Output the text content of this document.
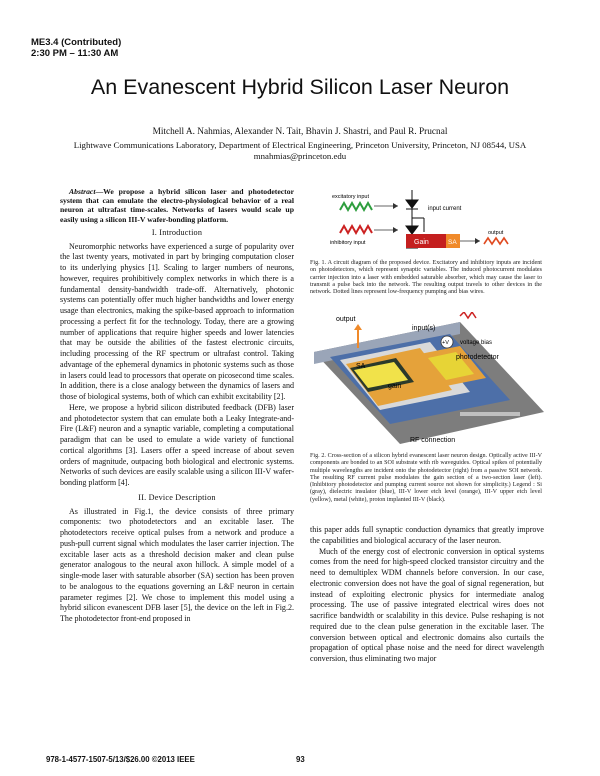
ME3.4 (Contributed)
2:30 PM – 11:30 AM
An Evanescent Hybrid Silicon Laser Neuron
Mitchell A. Nahmias, Alexander N. Tait, Bhavin J. Shastri, and Paul R. Prucnal
Lightwave Communications Laboratory, Department of Electrical Engineering, Princeton University, Princeton, NJ 08544, USA
mnahmias@princeton.edu

Abstract—We propose a hybrid silicon laser and photodetector system that can emulate the electro-physiological behavior of a real neuron at ultrafast time-scales. Networks of lasers would scale up easily using a silicon III-V wafer-bonding platform.

I. Introduction

Neuromorphic networks have experienced a surge of popularity over the last twenty years, motivated in part by bringing computation closer to its underlying physics [1]. Scaling to larger numbers of neurons, however, requires prohibitively complex networks in which there is a fundamental density-bandwidth trade-off. Alternatively, photonic systems can potentially offer much higher bandwidths and lower energy usage than electronics, making the spike-based approach to information processing a perfect fit for the technology. Today, there are a growing number of applications that require higher speeds and lower latencies that may be outside the abilities of the fastest electronic circuits, including processing of the RF spectrum or ultrafast control. Taking advantage of the ephemeral dynamics in photonic systems such as those in lasers could lead to processors that operate on picosecond time scales. In addition, there is a close analogy between the dynamics of lasers and those of biological systems, both of which can exhibit excitability [2].

Here, we propose a hybrid silicon distributed feedback (DFB) laser and photodetector system that can emulate both a Leaky Integrate-and-Fire (L&F) neuron and a synaptic variable, completing a computational paradigm that can be used to emulate a wide variety of functional cortical algorithms [3]. Lasers offer a speed increase of about seven orders of magnitude, outpacing both biological and electronic systems. Networks of such devices are easily scalable using a silicon III-V wafer-bonding platform [4].

II. Device Description

As illustrated in Fig.1, the device consists of three primary components: two photodetectors and an excitable laser. The photodetectors receive optical pulses from a network and produce a push-pull current signal which modulates the laser carrier injection. The excitable laser acts as a threshold decision maker and clean pulse generator analogous to the neural axon hillock. A simple model of a single-mode laser with saturable absorber (SA) section has been proven to be analogous to the equations governing an L&F neuron in certain parameter regimes [2]. We chose to implement this model using a hybrid silicon evanescent DFB laser [5], the device on the left in Fig.2. The photodetector front-end proposed in

excitatory input
inhibitory input
input current
Gain	SA
output
Fig. 1. A circuit diagram of the proposed device. Excitatory and inhibitory inputs are incident on photodetectors, which represent synaptic variables. The induced photocurrent modulates carrier injection into a laser with embedded saturable absorber, which may cause the laser to transmit a pulse back into the network. The resulting output travels to other devices in the network. Dotted lines represent low-frequency pumping and bias wires.
output
input(s)
+V voltage bias
SA
photodetector
gain
ground
RF connection
Fig. 2. Cross-section of a silicon hybrid evanescent laser neuron design. Optically active III-V components are bonded to an SOI substrate with rib waveguides. Optical spikes of potentially multiple wavelengths are incident onto the photodetector (right) from a passive SOI network. The resulting RF current pulse modulates the gain section of a two-section laser (left). (Inhibitory photodetector and pumping current source not shown for simplicity.) Legend : Si (gray), dielectric insulator (blue), III-V lower etch level (orange), III-V upper etch level (yellow), metal (white), proton implanted III-V (black).

this paper adds full synaptic conduction dynamics that greatly improve the capabilities and biological accuracy of the laser neuron.

Much of the energy cost of electronic conversion in optical systems comes from the need for high-speed clocked transistor circuitry and the need to demultiplex WDM channels before conversion. In our case, electronic conversion does not have the goal of signal regeneration, but instead of exploiting electronic physics for intermediate analog processing. The use of passive integrated electrical wires does not sacrifice bandwidth or scalability in this device. Pulse reshaping is not required due to the clean pulse generation in the excitable laser. The conversion between optical and electronic domains also curtails the propagation of optical phase noise and the need for direct wavelength conversion, thus eliminating two major

978-1-4577-1507-5/13/$26.00 ©2013 IEEE	93
